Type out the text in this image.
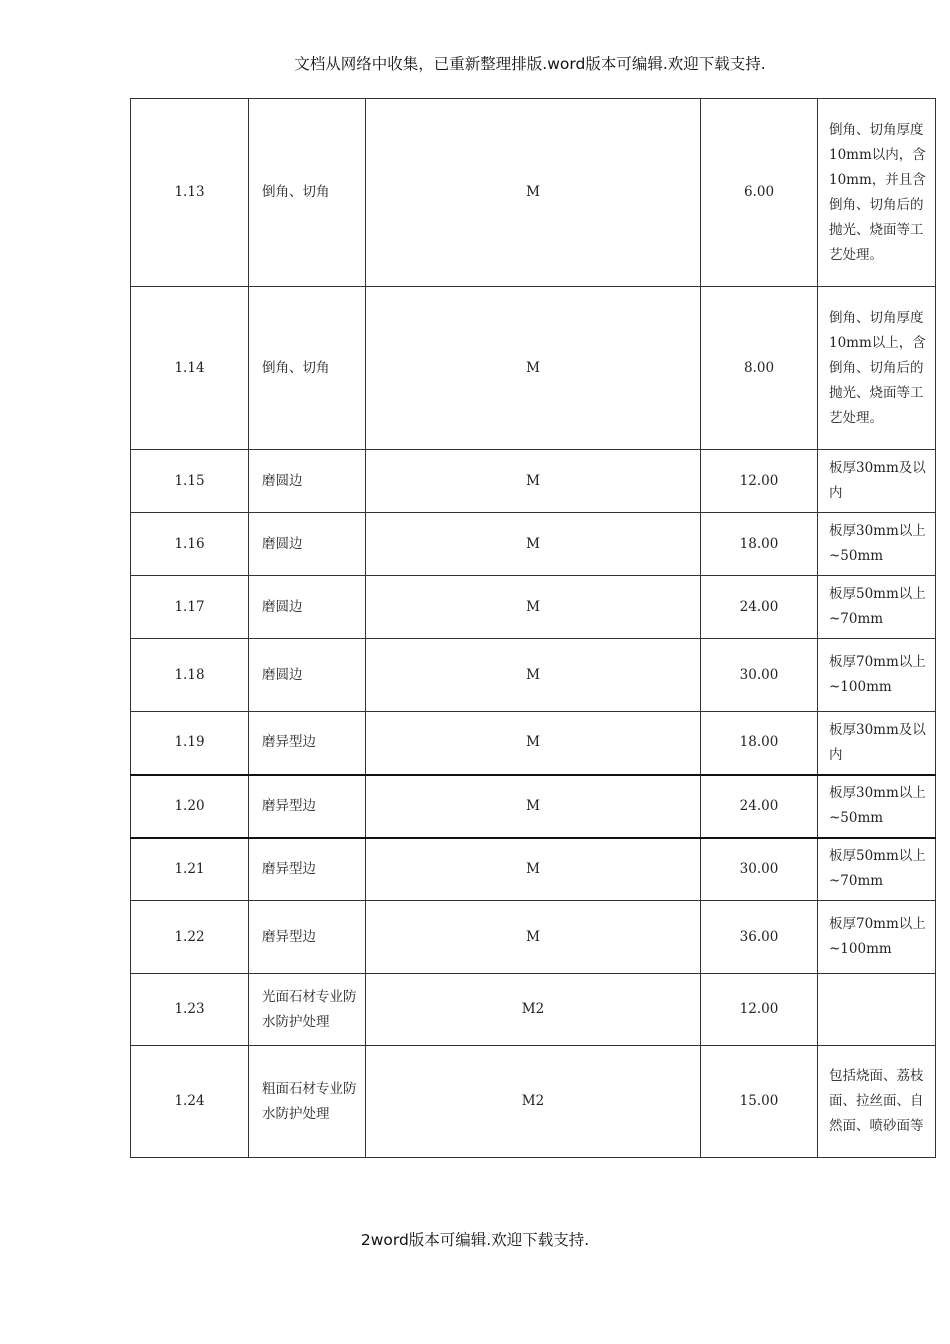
文档从网络中收集，已重新整理排版.word版本可编辑.欢迎下载支持.
1.13	倒角、切角	M	6.00	倒角、切角厚度10mm以内，含10mm，并且含倒角、切角后的抛光、烧面等工艺处理。
1.14	倒角、切角	M	8.00	倒角、切角厚度10mm以上，含倒角、切角后的抛光、烧面等工艺处理。
1.15	磨圆边	M	12.00	板厚30mm及以内
1.16	磨圆边	M	18.00	板厚30mm以上~50mm
1.17	磨圆边	M	24.00	板厚50mm以上~70mm
1.18	磨圆边	M	30.00	板厚70mm以上~100mm
1.19	磨异型边	M	18.00	板厚30mm及以内
1.20	磨异型边	M	24.00	板厚30mm以上~50mm
1.21	磨异型边	M	30.00	板厚50mm以上~70mm
1.22	磨异型边	M	36.00	板厚70mm以上~100mm
1.23	光面石材专业防水防护处理	M2	12.00	
1.24	粗面石材专业防水防护处理	M2	15.00	包括烧面、荔枝面、拉丝面、自然面、喷砂面等
2word版本可编辑.欢迎下载支持.
